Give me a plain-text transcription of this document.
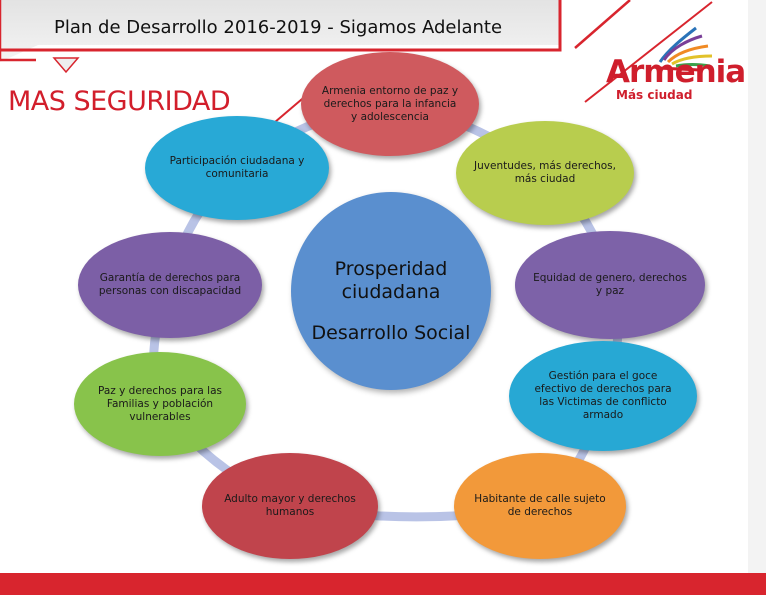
Plan de Desarrollo 2016-2019 - Sigamos Adelante
MAS SEGURIDAD
Armenia
Más ciudad
Armenia entorno de paz y derechos para la infancia y adolescencia
Juventudes, más derechos, más ciudad
Equidad de genero, derechos y paz
Gestión para el goce efectivo de derechos para las Victimas de conflicto armado
Habitante de calle sujeto de derechos
Adulto mayor y derechos humanos
Paz y derechos para las Familias y población vulnerables
Garantía de derechos para personas con discapacidad
Participación ciudadana y comunitaria
Prosperidad ciudadana
Desarrollo Social
